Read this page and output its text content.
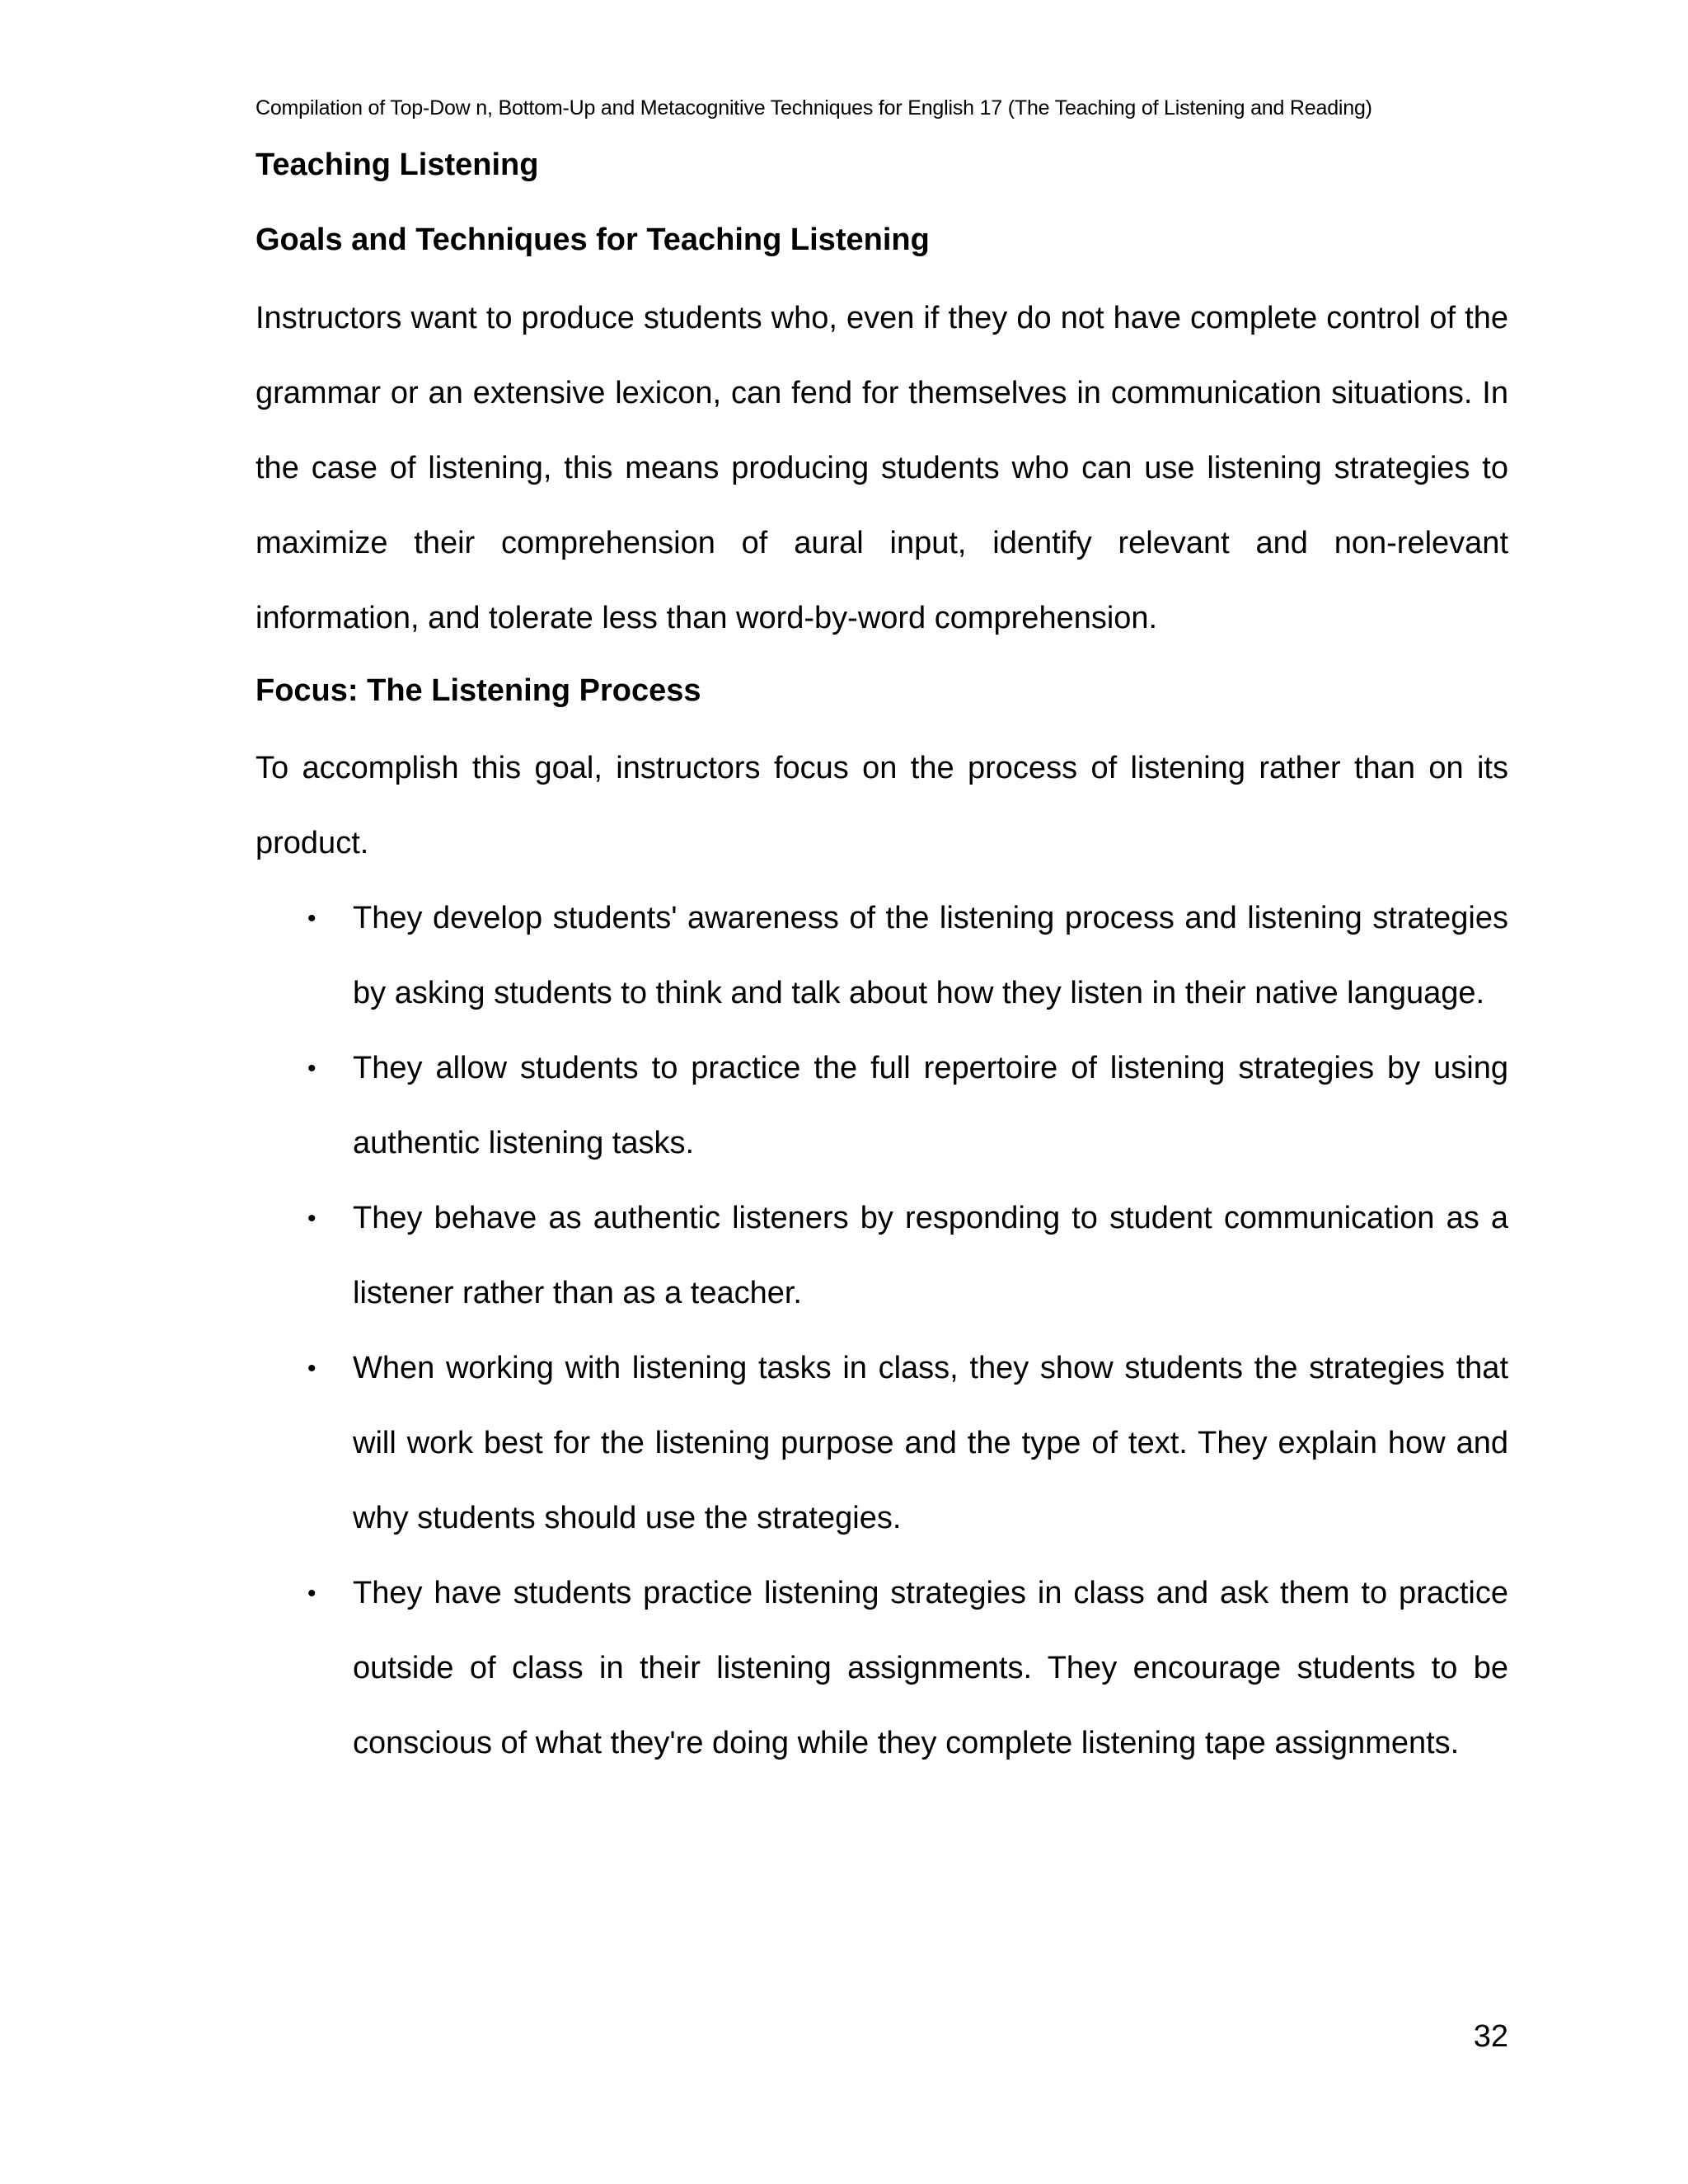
Compilation of Top-Dow n, Bottom-Up and Metacognitive Techniques for English 17 (The Teaching of Listening and Reading)
Teaching Listening
Goals and Techniques for Teaching Listening

Instructors want to produce students who, even if they do not have complete control of the grammar or an extensive lexicon, can fend for themselves in communication situations. In the case of listening, this means producing students who can use listening strategies to maximize their comprehension of aural input, identify relevant and non-relevant information, and tolerate less than word-by-word comprehension.

Focus: The Listening Process

To accomplish this goal, instructors focus on the process of listening rather than on its product.

• They develop students' awareness of the listening process and listening strategies by asking students to think and talk about how they listen in their native language.
• They allow students to practice the full repertoire of listening strategies by using authentic listening tasks.
• They behave as authentic listeners by responding to student communication as a listener rather than as a teacher.
• When working with listening tasks in class, they show students the strategies that will work best for the listening purpose and the type of text. They explain how and why students should use the strategies.
• They have students practice listening strategies in class and ask them to practice outside of class in their listening assignments. They encourage students to be conscious of what they're doing while they complete listening tape assignments.
32
